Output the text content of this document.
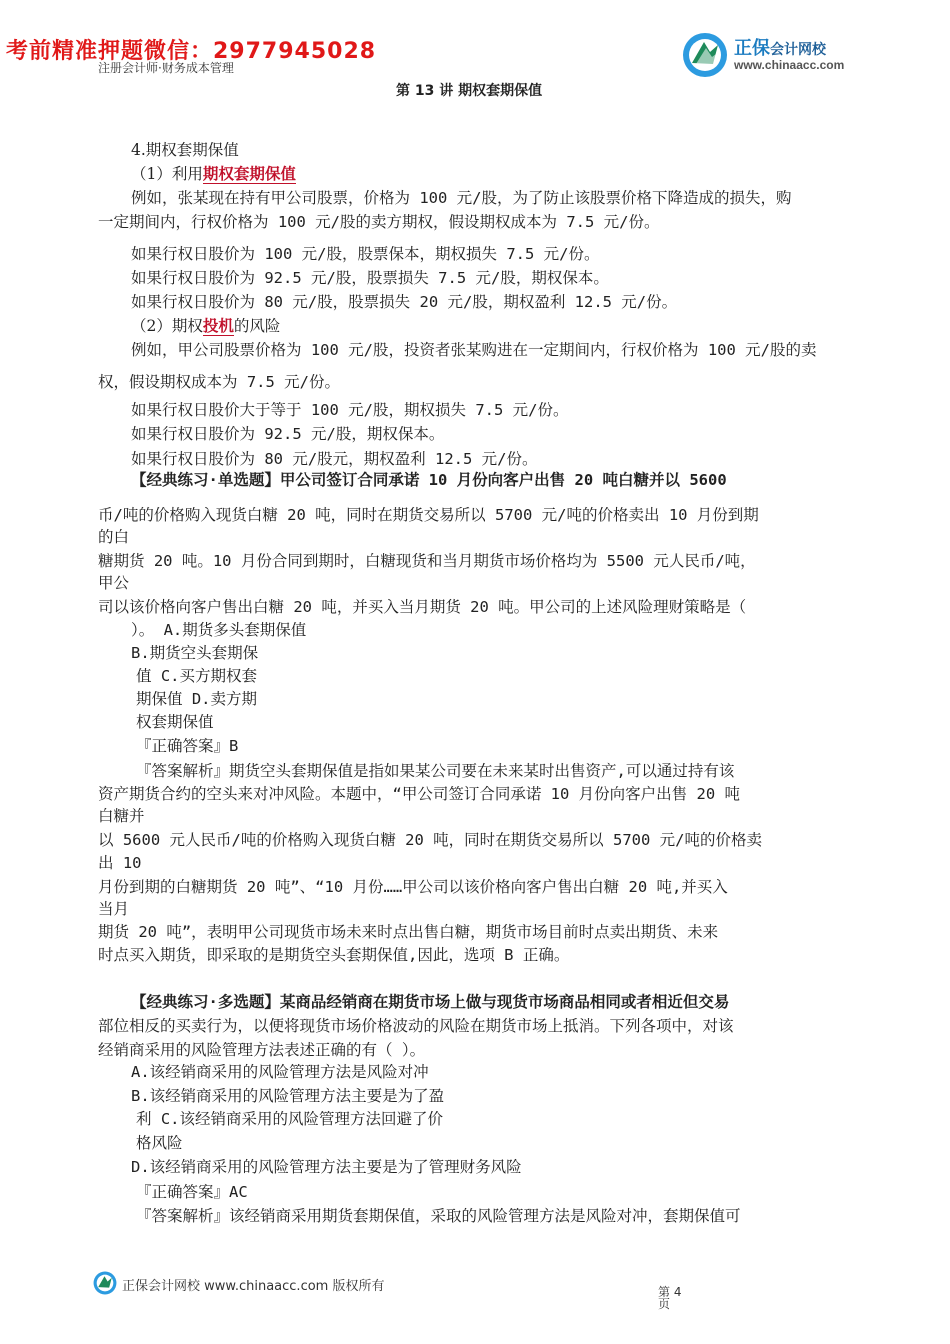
考前精准押题微信：2977945028
注册会计师·财务成本管理
正保会计网校
www.chinaacc.com
第 13 讲 期权套期保值
4.期权套期保值
（1）利用期权套期保值
例如，张某现在持有甲公司股票，价格为 100 元/股，为了防止该股票价格下降造成的损失，购
一定期间内，行权价格为 100 元/股的卖方期权，假设期权成本为 7.5 元/份。
如果行权日股价为 100 元/股，股票保本，期权损失 7.5 元/份。
如果行权日股价为 92.5 元/股，股票损失 7.5 元/股，期权保本。
如果行权日股价为 80 元/股，股票损失 20 元/股，期权盈利 12.5 元/份。
（2）期权投机的风险
例如，甲公司股票价格为 100 元/股，投资者张某购进在一定期间内，行权价格为 100 元/股的卖
权，假设期权成本为 7.5 元/份。
如果行权日股价大于等于 100 元/股，期权损失 7.5 元/份。
如果行权日股价为 92.5 元/股，期权保本。
如果行权日股价为 80 元/股元，期权盈利 12.5 元/份。
【经典练习·单选题】甲公司签订合同承诺 10 月份向客户出售 20 吨白糖并以 5600
币/吨的价格购入现货白糖 20 吨，同时在期货交易所以 5700 元/吨的价格卖出 10 月份到期
的白
糖期货 20 吨。10 月份合同到期时，白糖现货和当月期货市场价格均为 5500 元人民币/吨，
甲公
司以该价格向客户售出白糖 20 吨，并买入当月期货 20 吨。甲公司的上述风险理财策略是（
）。 A.期货多头套期保值
B.期货空头套期保
值 C.买方期权套
期保值 D.卖方期
权套期保值
『正确答案』B
『答案解析』期货空头套期保值是指如果某公司要在未来某时出售资产,可以通过持有该
资产期货合约的空头来对冲风险。本题中，“甲公司签订合同承诺 10 月份向客户出售 20 吨
白糖并
以 5600 元人民币/吨的价格购入现货白糖 20 吨，同时在期货交易所以 5700 元/吨的价格卖
出 10
月份到期的白糖期货 20 吨”、“10 月份……甲公司以该价格向客户售出白糖 20 吨,并买入
当月
期货 20 吨”，表明甲公司现货市场未来时点出售白糖，期货市场目前时点卖出期货、未来
时点买入期货，即采取的是期货空头套期保值,因此，选项 B 正确。
【经典练习·多选题】某商品经销商在期货市场上做与现货市场商品相同或者相近但交易
部位相反的买卖行为，以便将现货市场价格波动的风险在期货市场上抵消。下列各项中，对该
经销商采用的风险管理方法表述正确的有（ ）。
A.该经销商采用的风险管理方法是风险对冲
B.该经销商采用的风险管理方法主要是为了盈
利 C.该经销商采用的风险管理方法回避了价
格风险
D.该经销商采用的风险管理方法主要是为了管理财务风险
『正确答案』AC
『答案解析』该经销商采用期货套期保值，采取的风险管理方法是风险对冲，套期保值可
正保会计网校 www.chinaacc.com 版权所有	第 4 页
